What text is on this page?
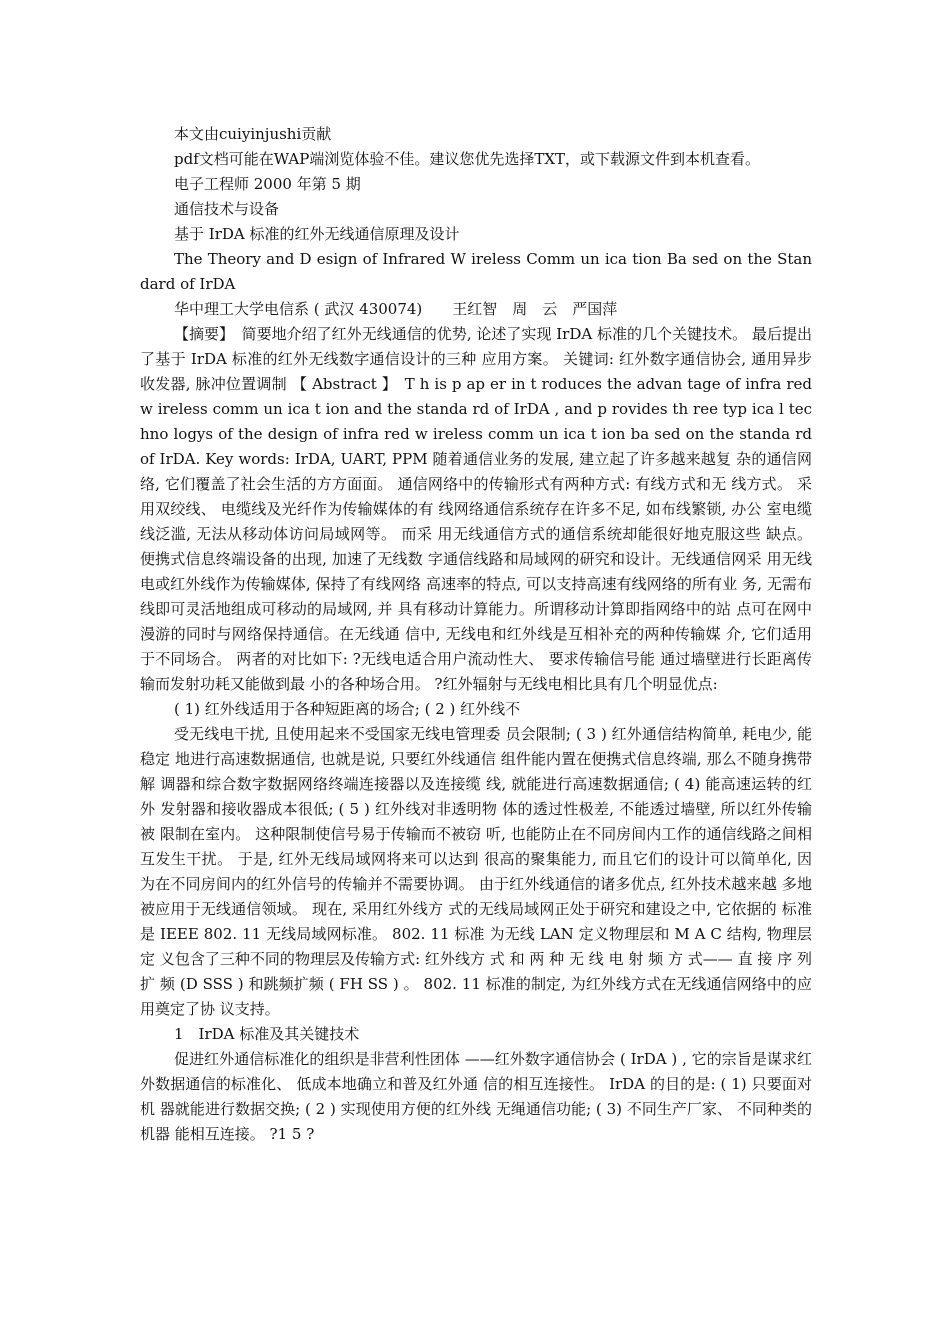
本文由cuiyinjushi贡献

pdf文档可能在WAP端浏览体验不佳。建议您优先选择TXT，或下载源文件到本机查看。

电子工程师 2000 年第 5 期

通信技术与设备

基于 IrDA 标准的红外无线通信原理及设计

The Theory and D esign of Infrared W ireless Comm un ica tion Ba sed on the Standard of IrDA

华中理工大学电信系 ( 武汉 430074)　　王红智　周　云　严国萍

【摘要】　简要地介绍了红外无线通信的优势, 论述了实现 IrDA 标准的几个关键技术。 最后提出 了基于 IrDA 标准的红外无线数字通信设计的三种 应用方案。 关键词: 红外数字通信协会, 通用异步收发器, 脉冲位置调制 【 Abstract 】　T h is p ap er in t roduces the advan tage of infra red w ireless comm un ica t ion and the standa rd of IrDA , and p rovides th ree typ ica l techno logys of the design of infra red w ireless comm un ica t ion ba sed on the standa rd of IrDA. Key words: IrDA, UART, PPM 随着通信业务的发展, 建立起了许多越来越复 杂的通信网络, 它们覆盖了社会生活的方方面面。 通信网络中的传输形式有两种方式: 有线方式和无 线方式。 采用双绞线、 电缆线及光纤作为传输媒体的有 线网络通信系统存在许多不足, 如布线繁锁, 办公 室电缆线泛滥, 无法从移动体访问局域网等。 而采 用无线通信方式的通信系统却能很好地克服这些 缺点。 便携式信息终端设备的出现, 加速了无线数 字通信线路和局域网的研究和设计。无线通信网采 用无线电或红外线作为传输媒体, 保持了有线网络 高速率的特点, 可以支持高速有线网络的所有业 务, 无需布线即可灵活地组成可移动的局域网, 并 具有移动计算能力。所谓移动计算即指网络中的站 点可在网中漫游的同时与网络保持通信。在无线通 信中, 无线电和红外线是互相补充的两种传输媒 介, 它们适用于不同场合。 两者的对比如下: ?无线电适合用户流动性大、 要求传输信号能 通过墙壁进行长距离传输而发射功耗又能做到最 小的各种场合用。 ?红外辐射与无线电相比具有几个明显优点:

( 1) 红外线适用于各种短距离的场合; ( 2 ) 红外线不

受无线电干扰, 且使用起来不受国家无线电管理委 员会限制; ( 3 ) 红外通信结构简单, 耗电少, 能稳定 地进行高速数据通信, 也就是说, 只要红外线通信 组件能内置在便携式信息终端, 那么不随身携带解 调器和综合数字数据网络终端连接器以及连接缆 线, 就能进行高速数据通信; ( 4) 能高速运转的红外 发射器和接收器成本很低; ( 5 ) 红外线对非透明物 体的透过性极差, 不能透过墙壁, 所以红外传输被 限制在室内。 这种限制使信号易于传输而不被窃 听, 也能防止在不同房间内工作的通信线路之间相 互发生干扰。 于是, 红外无线局域网将来可以达到 很高的聚集能力, 而且它们的设计可以简单化, 因 为在不同房间内的红外信号的传输并不需要协调。 由于红外线通信的诸多优点, 红外技术越来越 多地被应用于无线通信领域。 现在, 采用红外线方 式的无线局域网正处于研究和建设之中, 它依据的 标准是 IEEE 802. 11 无线局域网标准。 802. 11 标准 为无线 LAN 定义物理层和 M A C 结构, 物理层定 义包含了三种不同的物理层及传输方式: 红外线方 式 和 两 种 无 线 电 射 频 方 式—— 直 接 序 列 扩 频 (D SSS ) 和跳频扩频 ( FH SS ) 。 802. 11 标准的制定, 为红外线方式在无线通信网络中的应用奠定了协 议支持。

1　IrDA 标准及其关键技术

促进红外通信标准化的组织是非营利性团体 ——红外数字通信协会 ( IrDA ) , 它的宗旨是谋求红 外数据通信的标准化、 低成本地确立和普及红外通 信的相互连接性。 IrDA 的目的是: ( 1) 只要面对机 器就能进行数据交换; ( 2 ) 实现使用方便的红外线 无绳通信功能; ( 3) 不同生产厂家、 不同种类的机器 能相互连接。 ?1 5 ?
